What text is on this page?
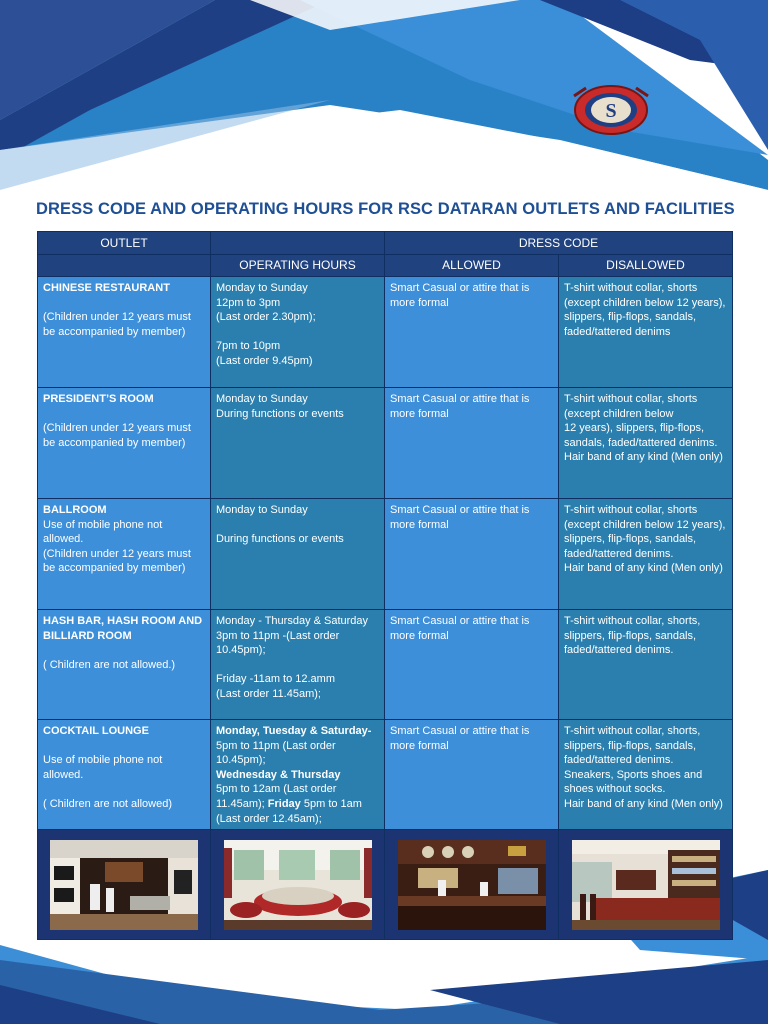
S
DRESS CODE AND OPERATING HOURS FOR RSC DATARAN OUTLETS AND FACILITIES
OUTLET		DRESS CODE	
	OPERATING HOURS	ALLOWED	DISALLOWED

CHINESE RESTAURANT
(Children under 12 years must be accompanied by member)	Monday to Sunday
12pm to 3pm
(Last order 2.30pm);
7pm to 10pm
(Last order 9.45pm)	Smart Casual or attire that is more formal	T-shirt without collar, shorts (except children below 12 years), slippers, flip-flops, sandals, faded/tattered denims

PRESIDENT’S ROOM
(Children under 12 years must be accompanied by member)	Monday to Sunday
During functions or events	Smart Casual or attire that is more formal	T-shirt without collar, shorts (except children below
12 years), slippers, flip-flops, sandals, faded/tattered denims.
Hair band of any kind (Men only)

BALLROOM
Use of mobile phone not allowed.
(Children under 12 years must be accompanied by member)	Monday to Sunday
During functions or events	Smart Casual or attire that is more formal	T-shirt without collar, shorts (except children below 12 years), slippers, flip-flops, sandals, faded/tattered denims.
Hair band of any kind (Men only)

HASH BAR, HASH ROOM AND BILLIARD ROOM
( Children are not allowed.)	Monday - Thursday & Saturday 3pm to 11pm -(Last order 10.45pm);
Friday -11am to 12.amm
(Last order 11.45am);	Smart Casual or attire that is more formal	T-shirt without collar, shorts, slippers, flip-flops, sandals, faded/tattered denims.

COCKTAIL LOUNGE
Use of mobile phone not allowed.
( Children are not allowed)	Monday, Tuesday & Saturday- 5pm to 11pm (Last order 10.45pm);
Wednesday & Thursday
5pm to 12am (Last order 11.45am); Friday 5pm to 1am (Last order 12.45am);	Smart Casual or attire that is more formal	T-shirt without collar, shorts, slippers, flip-flops, sandals, faded/tattered denims.
Sneakers, Sports shoes and shoes without socks.
Hair band of any kind (Men only)
